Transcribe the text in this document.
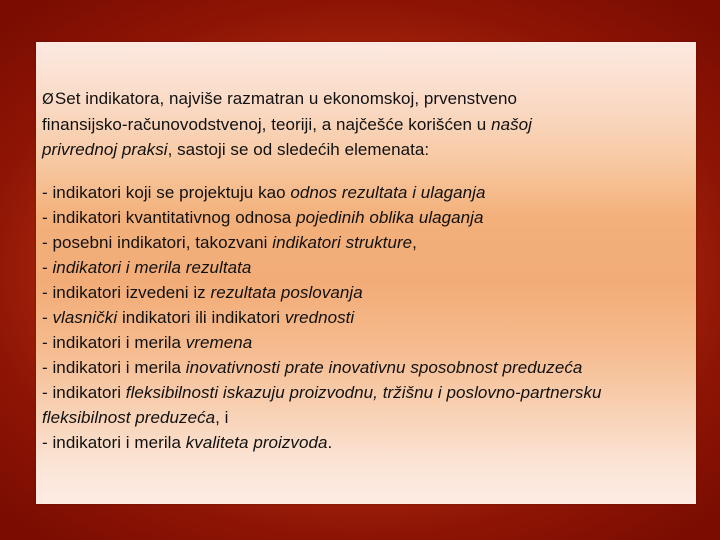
ØSet indikatora, najviše razmatran u ekonomskoj, prvenstveno
finansijsko-računovodstvenoj, teoriji, a najčešće korišćen u našoj
privrednoj praksi, sastoji se od sledećih elemenata:
- indikatori koji se projektuju kao odnos rezultata i ulaganja
- indikatori kvantitativnog odnosa pojedinih oblika ulaganja
- posebni indikatori, takozvani indikatori strukture,
- indikatori i merila rezultata
- indikatori izvedeni iz rezultata poslovanja
- vlasnički indikatori ili indikatori vrednosti
- indikatori i merila vremena
- indikatori i merila inovativnosti prate inovativnu sposobnost preduzeća
- indikatori fleksibilnosti iskazuju proizvodnu, tržišnu i poslovno-partnersku
fleksibilnost preduzeća, i
- indikatori i merila kvaliteta proizvoda.
